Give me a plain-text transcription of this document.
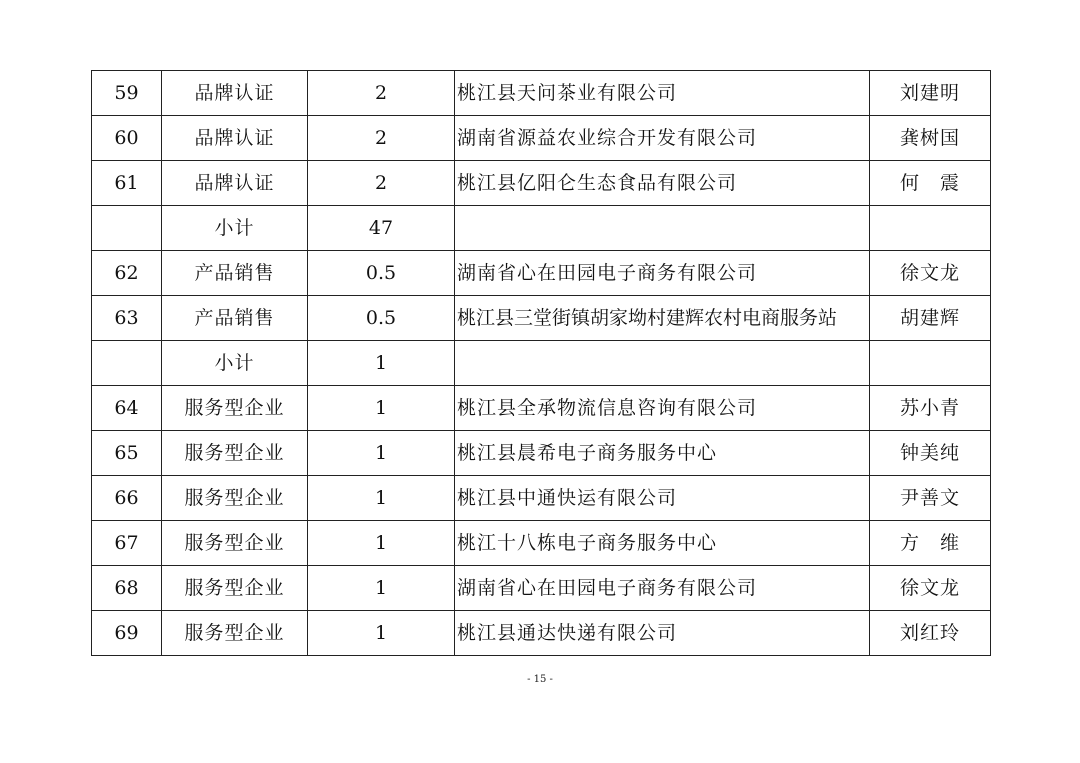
59	品牌认证	2	桃江县天问茶业有限公司	刘建明
60	品牌认证	2	湖南省源益农业综合开发有限公司	龚树国
61	品牌认证	2	桃江县亿阳仑生态食品有限公司	何　震
	小计	47		
62	产品销售	0.5	湖南省心在田园电子商务有限公司	徐文龙
63	产品销售	0.5	桃江县三堂街镇胡家坳村建辉农村电商服务站	胡建辉
	小计	1		
64	服务型企业	1	桃江县全承物流信息咨询有限公司	苏小青
65	服务型企业	1	桃江县晨希电子商务服务中心	钟美纯
66	服务型企业	1	桃江县中通快运有限公司	尹善文
67	服务型企业	1	桃江十八栋电子商务服务中心	方　维
68	服务型企业	1	湖南省心在田园电子商务有限公司	徐文龙
69	服务型企业	1	桃江县通达快递有限公司	刘红玲
- 15 -
